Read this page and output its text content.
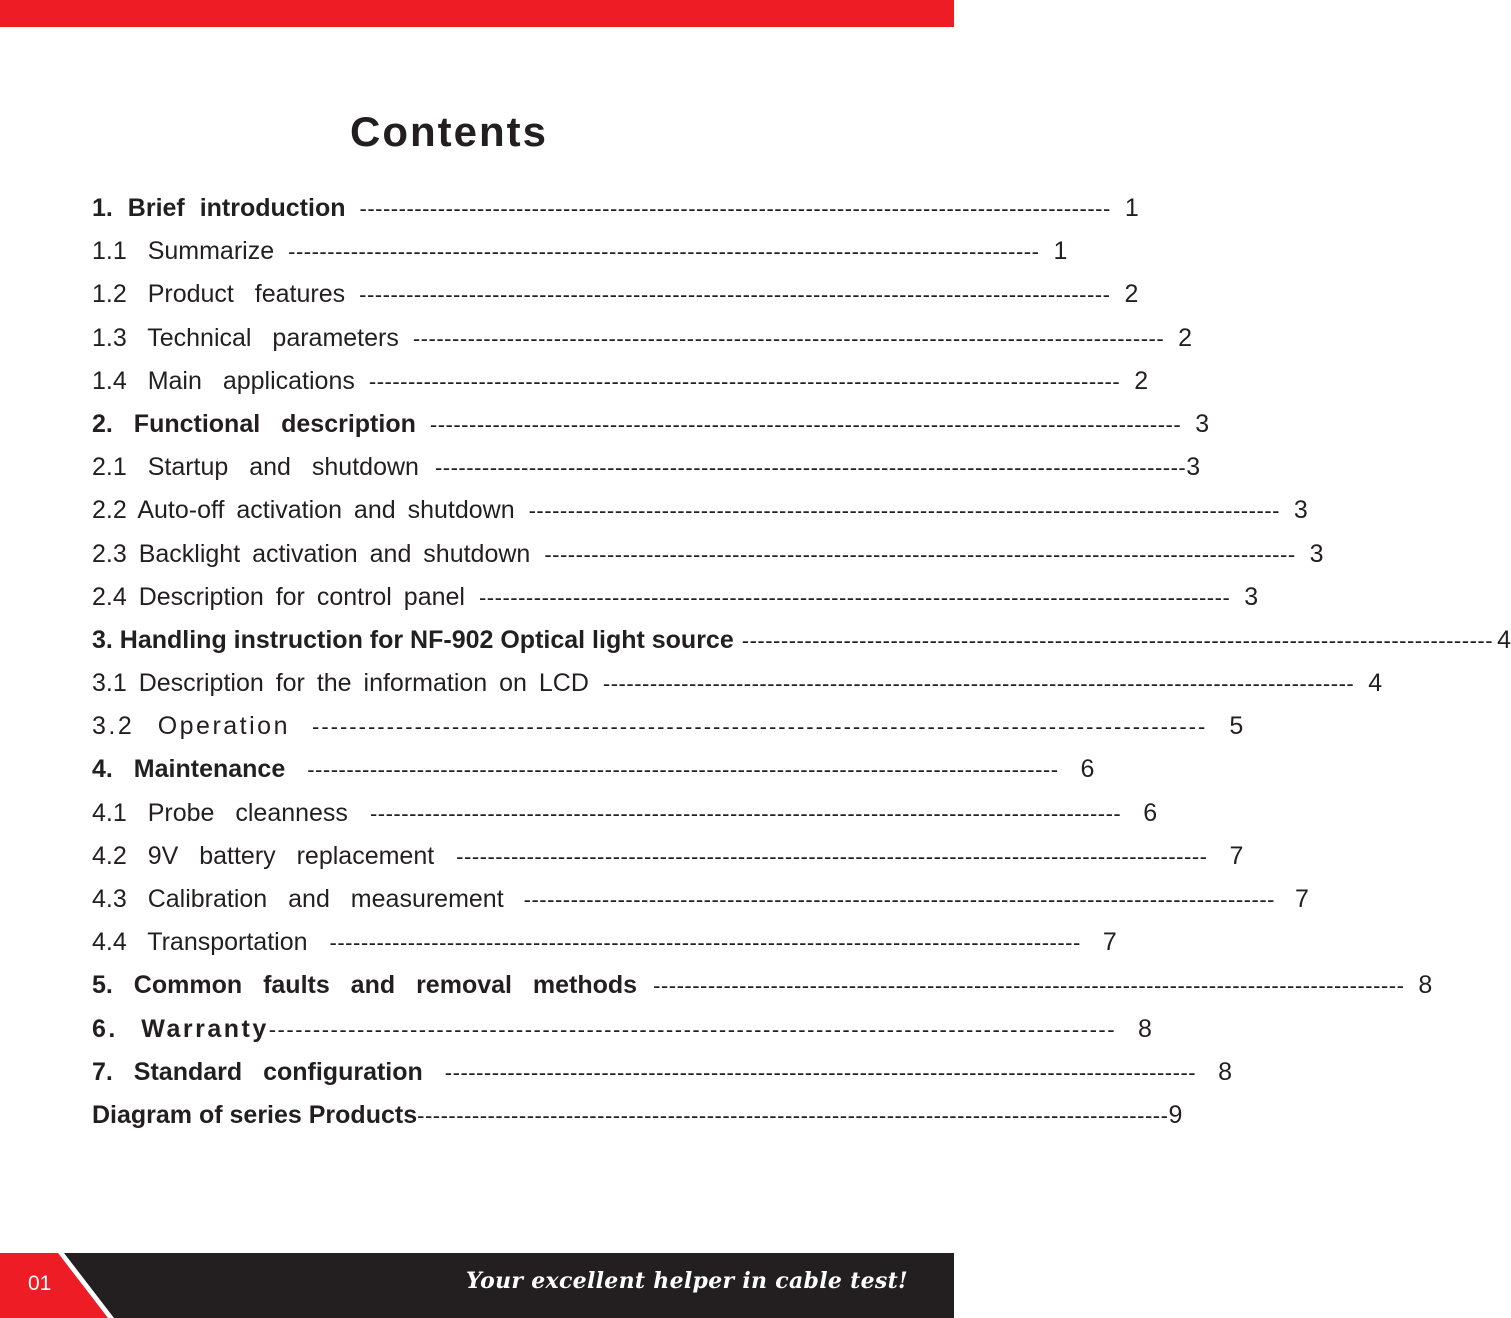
Contents
1. Brief introduction ------------------------------------------------------------------------------------------------ 1
1.1 Summarize ------------------------------------------------------------------------------------------------ 1
1.2 Product features ------------------------------------------------------------------------------------------------ 2
1.3 Technical parameters ------------------------------------------------------------------------------------------------ 2
1.4 Main applications ------------------------------------------------------------------------------------------------ 2
2. Functional description ------------------------------------------------------------------------------------------------ 3
2.1 Startup and shutdown ------------------------------------------------------------------------------------------------ 3
2.2 Auto-off activation and shutdown ------------------------------------------------------------------------------------------------ 3
2.3 Backlight activation and shutdown ------------------------------------------------------------------------------------------------ 3
2.4 Description for control panel ------------------------------------------------------------------------------------------------ 3
3. Handling instruction for NF-902 Optical light source ------------------------------------------------------------------------------------------------ 4
3.1 Description for the information on LCD ------------------------------------------------------------------------------------------------ 4
3.2 Operation ------------------------------------------------------------------------------------------------ 5
4. Maintenance ------------------------------------------------------------------------------------------------ 6
4.1 Probe cleanness ------------------------------------------------------------------------------------------------ 6
4.2 9V battery replacement ------------------------------------------------------------------------------------------------ 7
4.3 Calibration and measurement ------------------------------------------------------------------------------------------------ 7
4.4 Transportation ------------------------------------------------------------------------------------------------ 7
5. Common faults and removal methods ------------------------------------------------------------------------------------------------ 8
6. Warranty ------------------------------------------------------------------------------------------------ 8
7. Standard configuration ------------------------------------------------------------------------------------------------ 8
Diagram of series Products ------------------------------------------------------------------------------------------------ 9
01	Your excellent helper in cable test!
